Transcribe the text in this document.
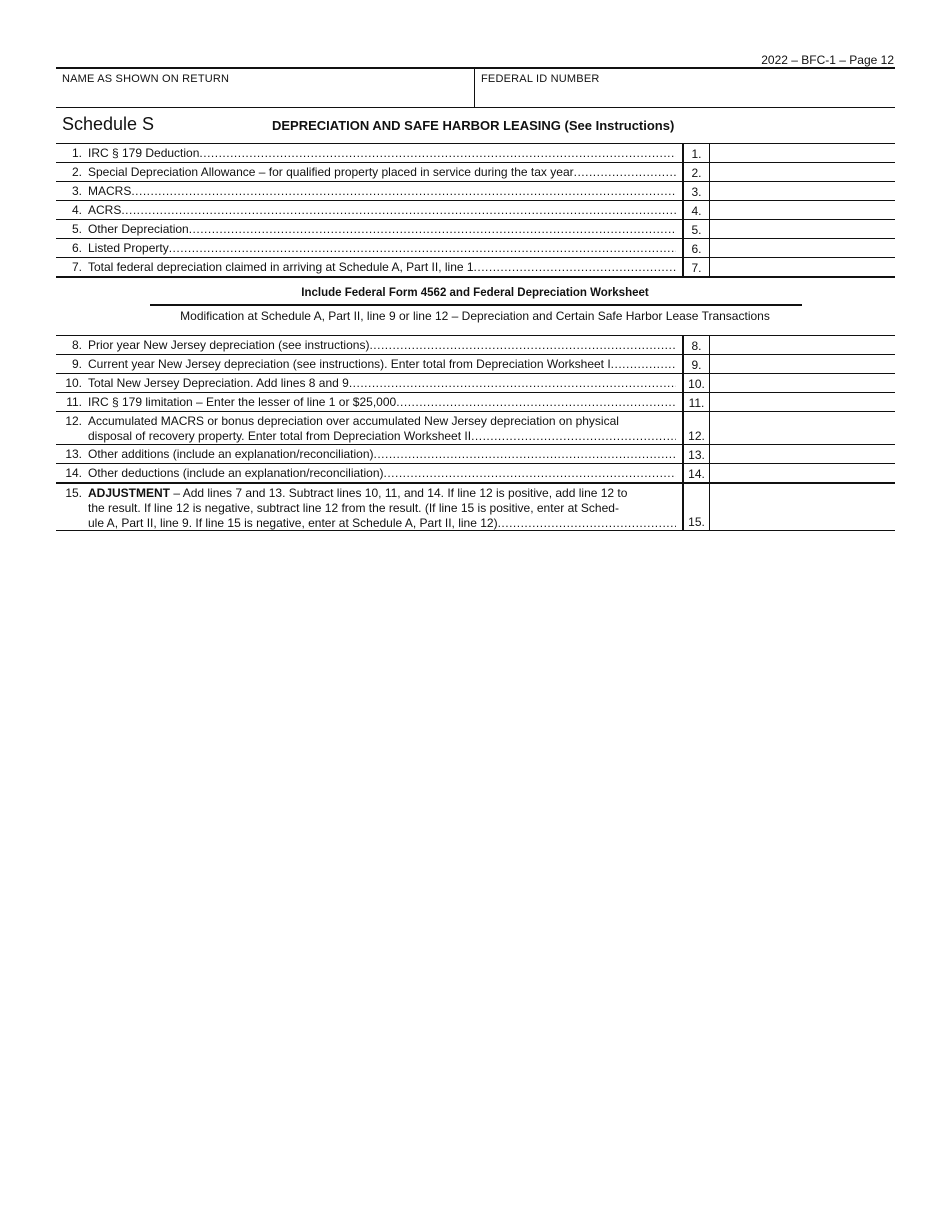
2022 – BFC-1 – Page 12
NAME AS SHOWN ON RETURN	FEDERAL ID NUMBER
Schedule S	DEPRECIATION AND SAFE HARBOR LEASING (See Instructions)
1. IRC § 179 Deduction .....	1.
2. Special Depreciation Allowance – for qualified property placed in service during the tax year .....	2.
3. MACRS .....	3.
4. ACRS .....	4.
5. Other Depreciation .....	5.
6. Listed Property .....	6.
7. Total federal depreciation claimed in arriving at Schedule A, Part II, line 1 .....	7.
Include Federal Form 4562 and Federal Depreciation Worksheet
Modification at Schedule A, Part II, line 9 or line 12 – Depreciation and Certain Safe Harbor Lease Transactions
8. Prior year New Jersey depreciation (see instructions) .....	8.
9. Current year New Jersey depreciation (see instructions). Enter total from Depreciation Worksheet I .....	9.
10. Total New Jersey Depreciation. Add lines 8 and 9 .....	10.
11. IRC § 179 limitation – Enter the lesser of line 1 or $25,000 .....	11.
12. Accumulated MACRS or bonus depreciation over accumulated New Jersey depreciation on physical
disposal of recovery property. Enter total from Depreciation Worksheet II .....	12.
13. Other additions (include an explanation/reconciliation) .....	13.
14. Other deductions (include an explanation/reconciliation) .....	14.
15. ADJUSTMENT – Add lines 7 and 13. Subtract lines 10, 11, and 14. If line 12 is positive, add line 12 to
the result. If line 12 is negative, subtract line 12 from the result. (If line 15 is positive, enter at Sched-
ule A, Part II, line 9. If line 15 is negative, enter at Schedule A, Part II, line 12) .....	15.
